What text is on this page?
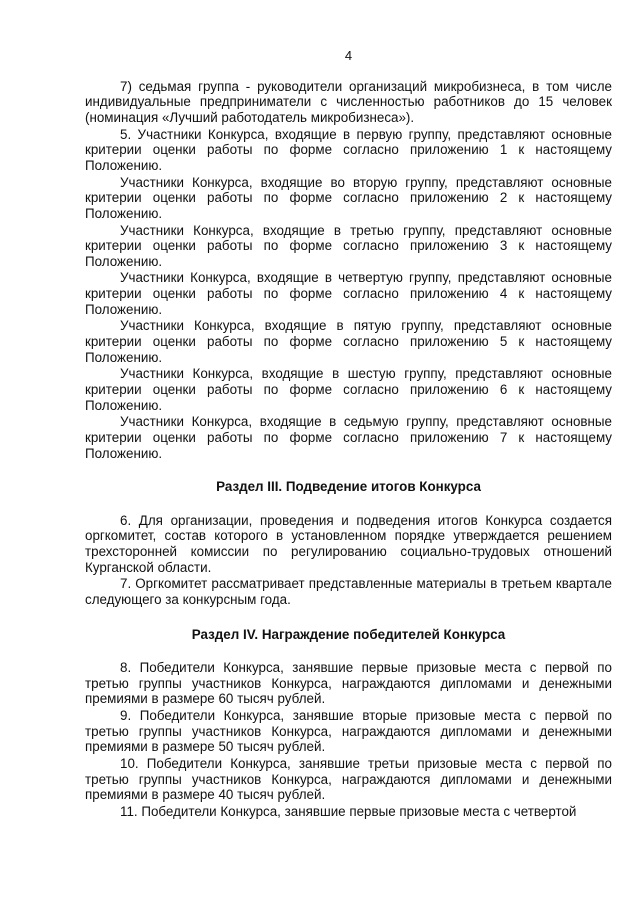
4

7) седьмая группа - руководители организаций микробизнеса, в том числе индивидуальные предприниматели с численностью работников до 15 человек (номинация «Лучший работодатель микробизнеса»).

5. Участники Конкурса, входящие в первую группу, представляют основные критерии оценки работы по форме согласно приложению 1 к настоящему Положению.

Участники Конкурса, входящие во вторую группу, представляют основные критерии оценки работы по форме согласно приложению 2 к настоящему Положению.

Участники Конкурса, входящие в третью группу, представляют основные критерии оценки работы по форме согласно приложению 3 к настоящему Положению.

Участники Конкурса, входящие в четвертую группу, представляют основные критерии оценки работы по форме согласно приложению 4 к настоящему Положению.

Участники Конкурса, входящие в пятую группу, представляют основные критерии оценки работы по форме согласно приложению 5 к настоящему Положению.

Участники Конкурса, входящие в шестую группу, представляют основные критерии оценки работы по форме согласно приложению 6 к настоящему Положению.

Участники Конкурса, входящие в седьмую группу, представляют основные критерии оценки работы по форме согласно приложению 7 к настоящему Положению.

Раздел III. Подведение итогов Конкурса

6. Для организации, проведения и подведения итогов Конкурса создается оргкомитет, состав которого в установленном порядке утверждается решением трехсторонней комиссии по регулированию социально-трудовых отношений Курганской области.

7. Оргкомитет рассматривает представленные материалы в третьем квартале следующего за конкурсным года.

Раздел IV. Награждение победителей Конкурса

8. Победители Конкурса, занявшие первые призовые места с первой по третью группы участников Конкурса, награждаются дипломами и денежными премиями в размере 60 тысяч рублей.

9. Победители Конкурса, занявшие вторые призовые места с первой по третью группы участников Конкурса, награждаются дипломами и денежными премиями в размере 50 тысяч рублей.

10. Победители Конкурса, занявшие третьи призовые места с первой по третью группы участников Конкурса, награждаются дипломами и денежными премиями в размере 40 тысяч рублей.

11. Победители Конкурса, занявшие первые призовые места с четвертой
